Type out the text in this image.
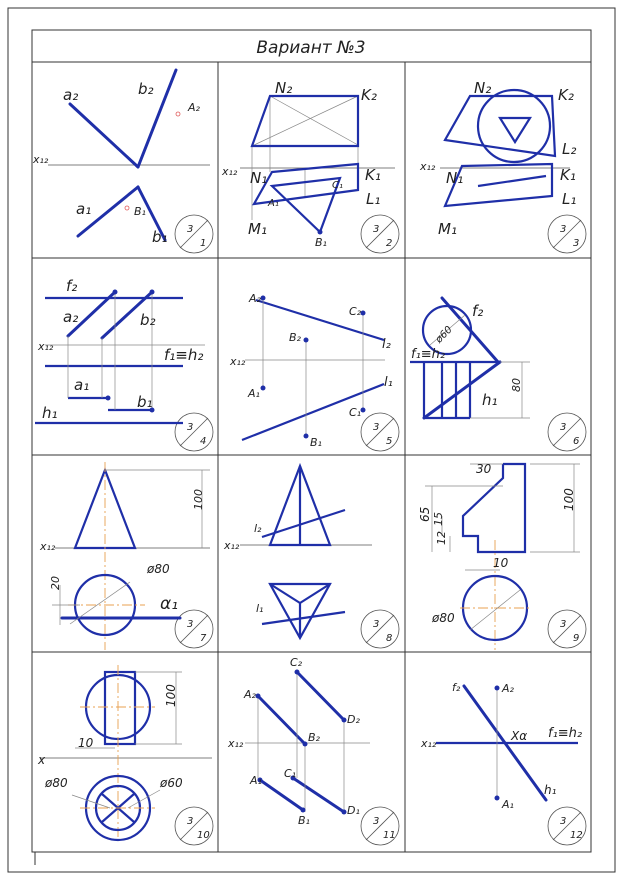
Вариант №3
3
1
3
2
3
3
3
4
3
5
3
6
3
7
3
8
3
9
3
10
3
11
3
12
a₂	b₂
A₂
x₁₂
a₁	B₁
b₁
N₂	K₂
x₁₂ N₁
A₁
C₁
K₁
L₁
M₁
B₁
N₂	K₂
L₂
x₁₂
N₁	K₁
L₁
M₁
f₂
a₂	b₂
x₁₂	f₁≡h₂
a₁
b₁
h₁
A₂
C₂
B₂	l₂
x₁₂
A₁
l₁
C₁
B₁
f₂
ø60
f₁≡h₂
h₁
80
100
x₁₂
20
ø80
α₁
l₂
x₁₂
l₁
30
65 15
12
100
10
ø80
100
10
x
ø80	ø60
C₂
A₂
B₂
D₂
x₁₂
C₁
A₁
D₁
B₁
f₂	A₂
x₁₂
Xα f₁≡h₂
h₁
A₁
